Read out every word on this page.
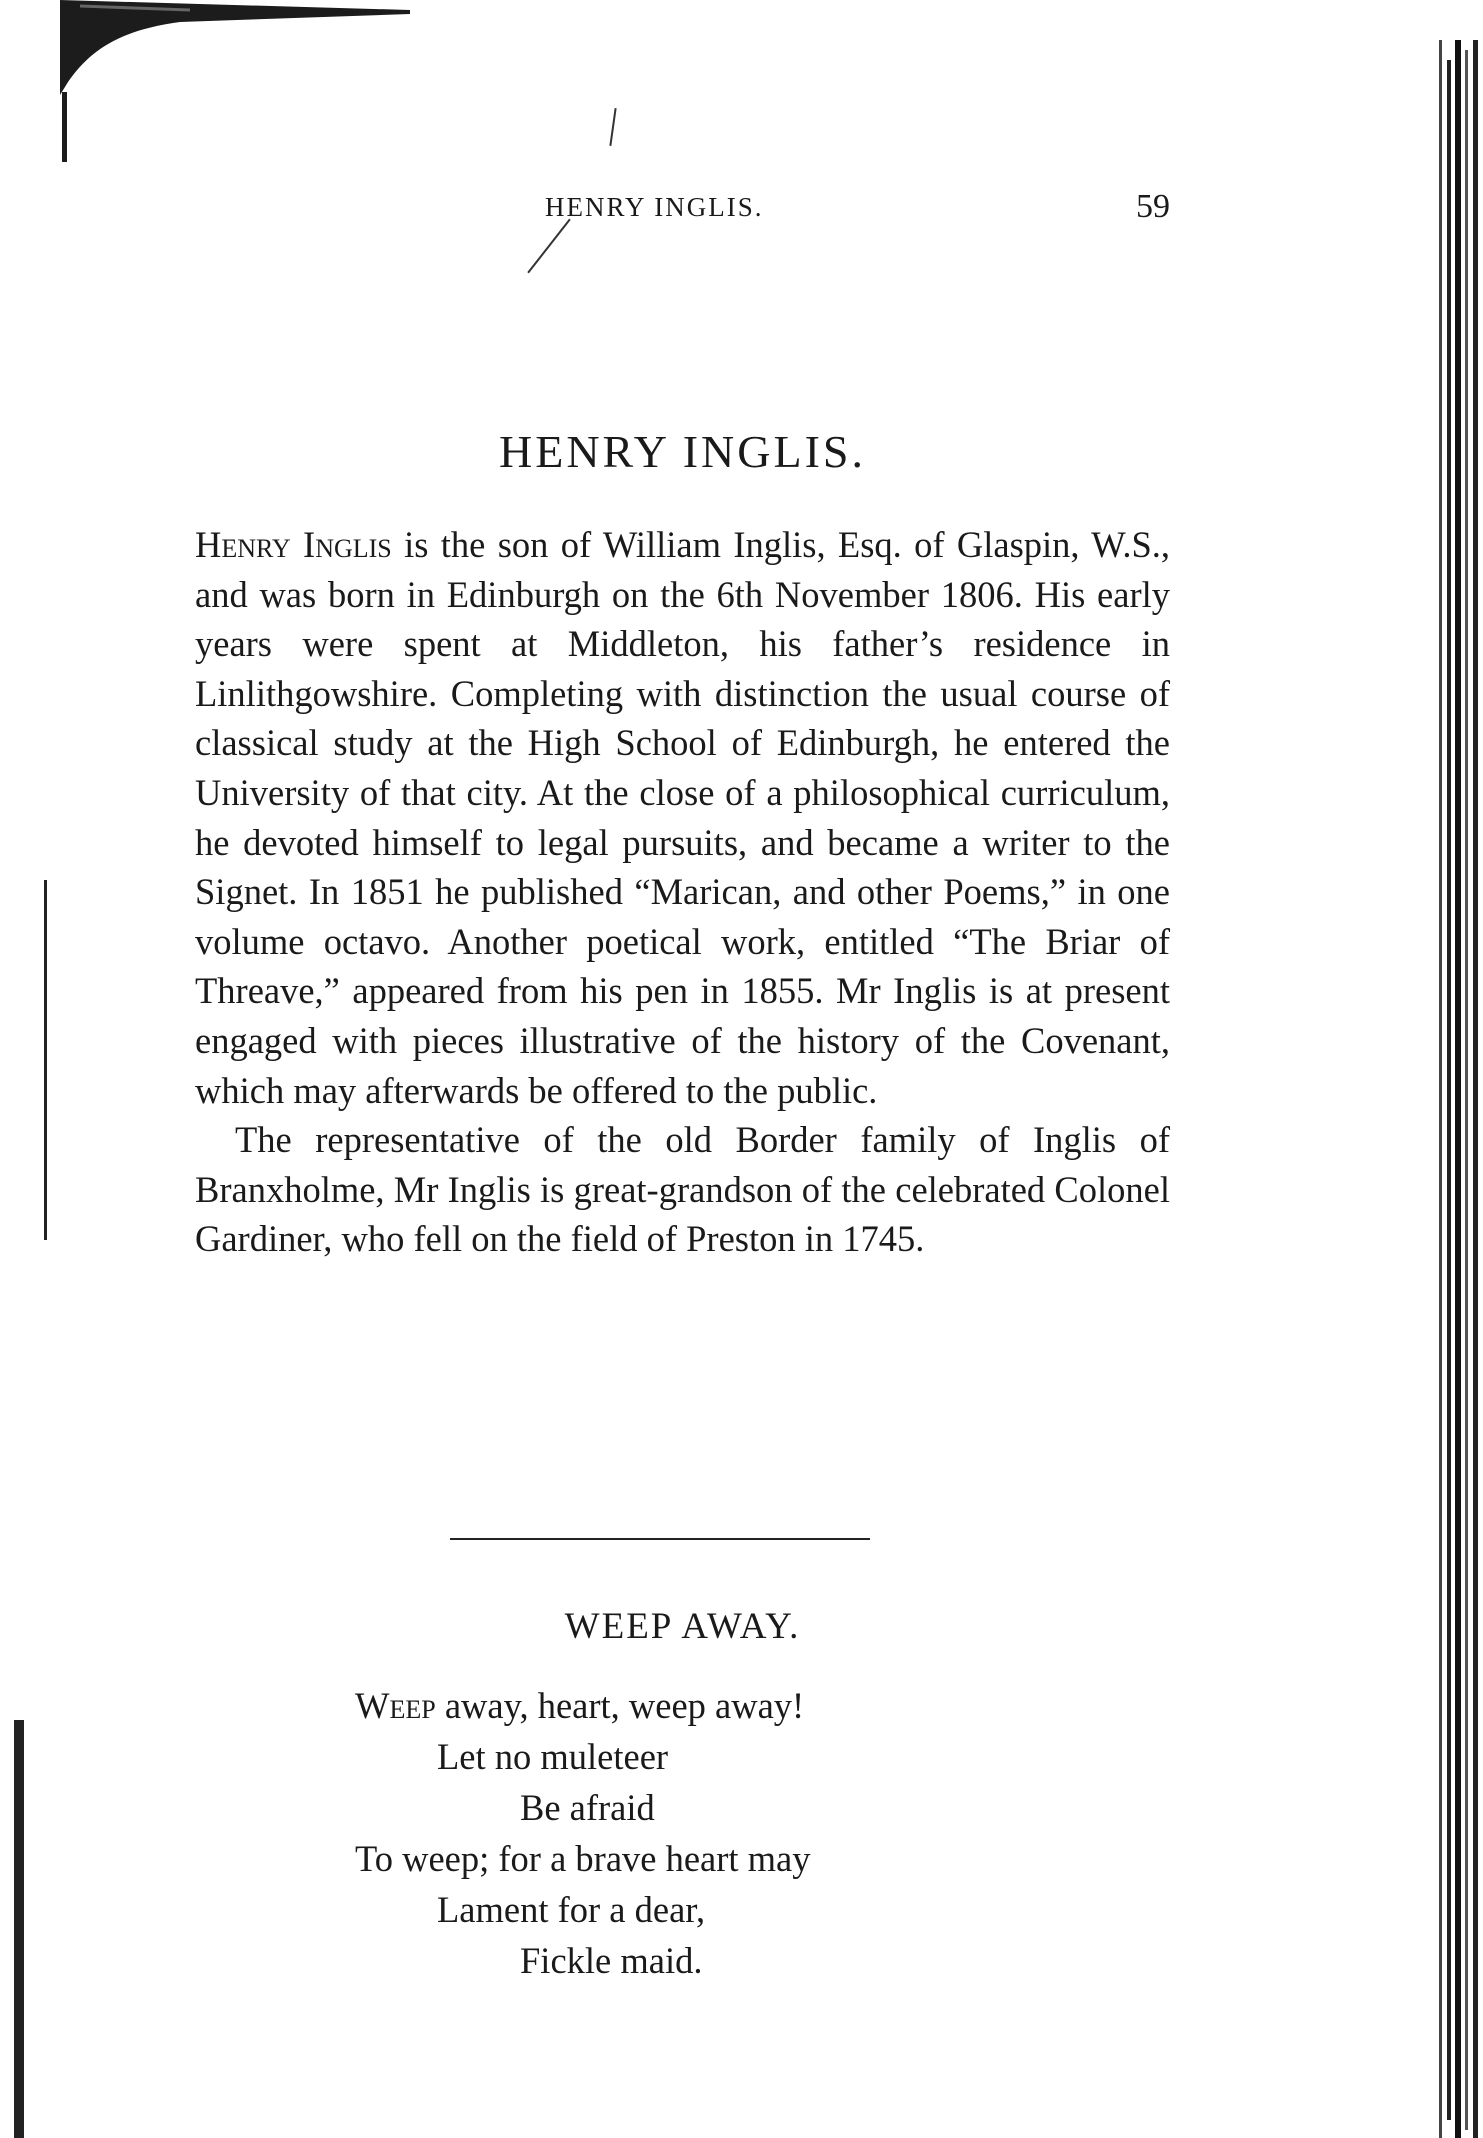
HENRY INGLIS.	59
HENRY INGLIS.

Henry Inglis is the son of William Inglis, Esq. of Glaspin, W.S., and was born in Edinburgh on the 6th November 1806. His early years were spent at Middleton, his father’s residence in Linlithgowshire. Completing with distinction the usual course of classical study at the High School of Edinburgh, he entered the University of that city. At the close of a philosophical curriculum, he devoted himself to legal pursuits, and became a writer to the Signet. In 1851 he published “Marican, and other Poems,” in one volume octavo. Another poetical work, entitled “The Briar of Threave,” appeared from his pen in 1855. Mr Inglis is at present engaged with pieces illustrative of the history of the Covenant, which may afterwards be offered to the public.

The representative of the old Border family of Inglis of Branxholme, Mr Inglis is great-grandson of the celebrated Colonel Gardiner, who fell on the field of Preston in 1745.

WEEP AWAY.
Weep away, heart, weep away!
Let no muleteer
Be afraid
To weep; for a brave heart may
Lament for a dear,
Fickle maid.
